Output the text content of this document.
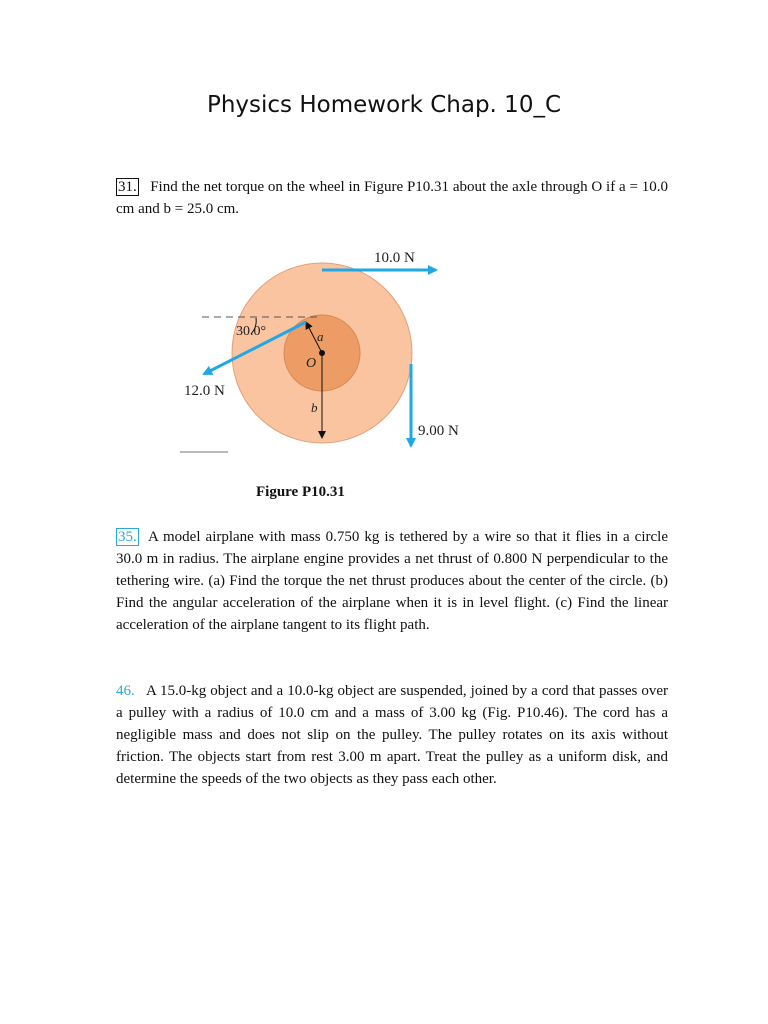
Physics Homework Chap. 10_C
31. Find the net torque on the wheel in Figure P10.31 about the axle through O if a = 10.0 cm and b = 25.0 cm.
10.0 N
12.0 N
9.00 N
30.0°	a
b
O
Figure P10.31
35. A model airplane with mass 0.750 kg is tethered by a wire so that it flies in a circle 30.0 m in radius. The airplane engine provides a net thrust of 0.800 N perpendicular to the tethering wire. (a) Find the torque the net thrust produces about the center of the circle. (b) Find the angular acceleration of the airplane when it is in level flight. (c) Find the linear acceleration of the airplane tangent to its flight path.
46. A 15.0-kg object and a 10.0-kg object are suspended, joined by a cord that passes over a pulley with a radius of 10.0 cm and a mass of 3.00 kg (Fig. P10.46). The cord has a negligible mass and does not slip on the pulley. The pulley rotates on its axis without friction. The objects start from rest 3.00 m apart. Treat the pulley as a uniform disk, and determine the speeds of the two objects as they pass each other.
